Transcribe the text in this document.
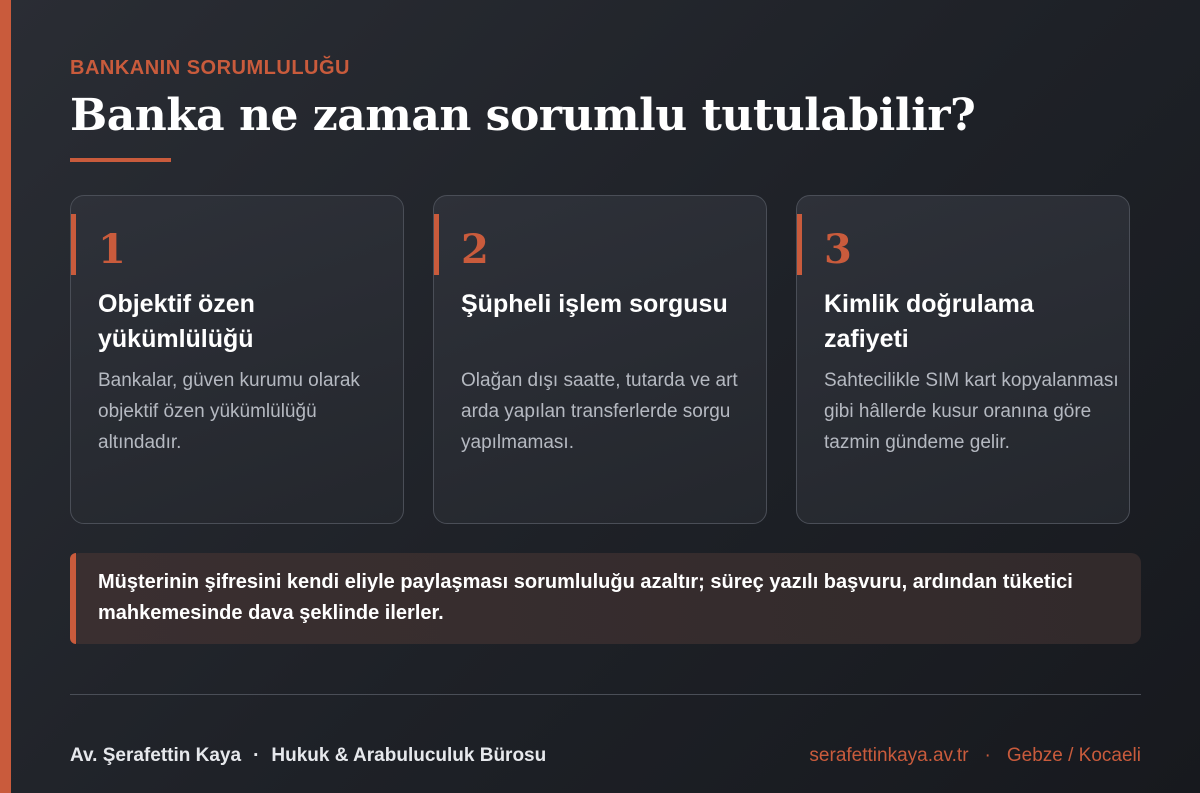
BANKANIN SORUMLULUĞU
Banka ne zaman sorumlu tutulabilir?
1
Objektif özen yükümlülüğü
Bankalar, güven kurumu olarak objektif özen yükümlülüğü altındadır.
2
Şüpheli işlem sorgusu
Olağan dışı saatte, tutarda ve art arda yapılan transferlerde sorgu yapılmaması.
3
Kimlik doğrulama zafiyeti
Sahtecilikle SIM kart kopyalanması gibi hâllerde kusur oranına göre tazmin gündeme gelir.
Müşterinin şifresini kendi eliyle paylaşması sorumluluğu azaltır; süreç yazılı başvuru, ardından tüketici mahkemesinde dava şeklinde ilerler.
Av. Şerafettin Kaya · Hukuk & Arabuluculuk Bürosu	serafettinkaya.av.tr · Gebze / Kocaeli
